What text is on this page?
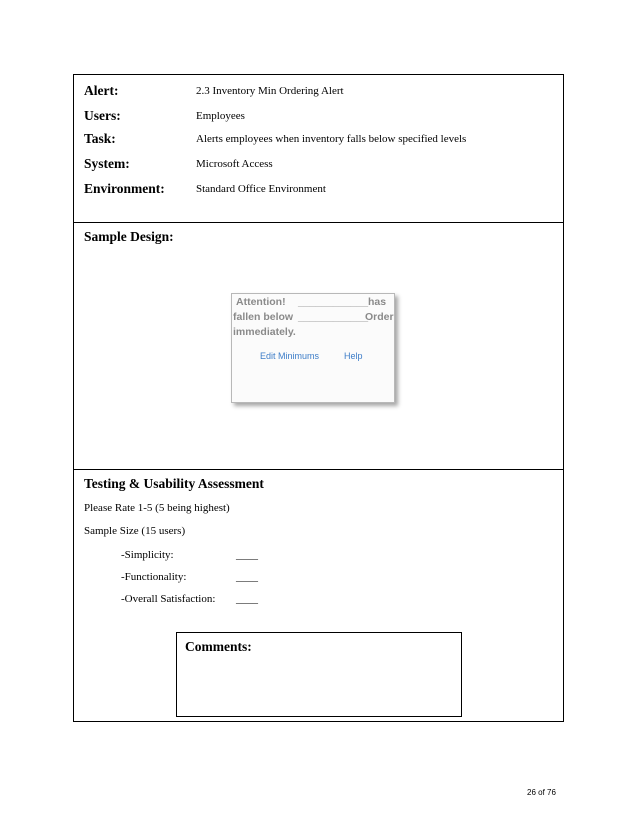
Alert:	2.3 Inventory Min Ordering Alert
Users:	Employees
Task:	Alerts employees when inventory falls below specified levels
System:	Microsoft Access
Environment:	Standard Office Environment
Sample Design:
Attention! ____________ has
fallen below ____________
Order
immediately.
Edit Minimums	Help
Testing & Usability Assessment
Please Rate 1-5 (5 being highest)
Sample Size (15 users)
-Simplicity:	____
-Functionality:	____
-Overall Satisfaction: ____
Comments:
26 of 76
